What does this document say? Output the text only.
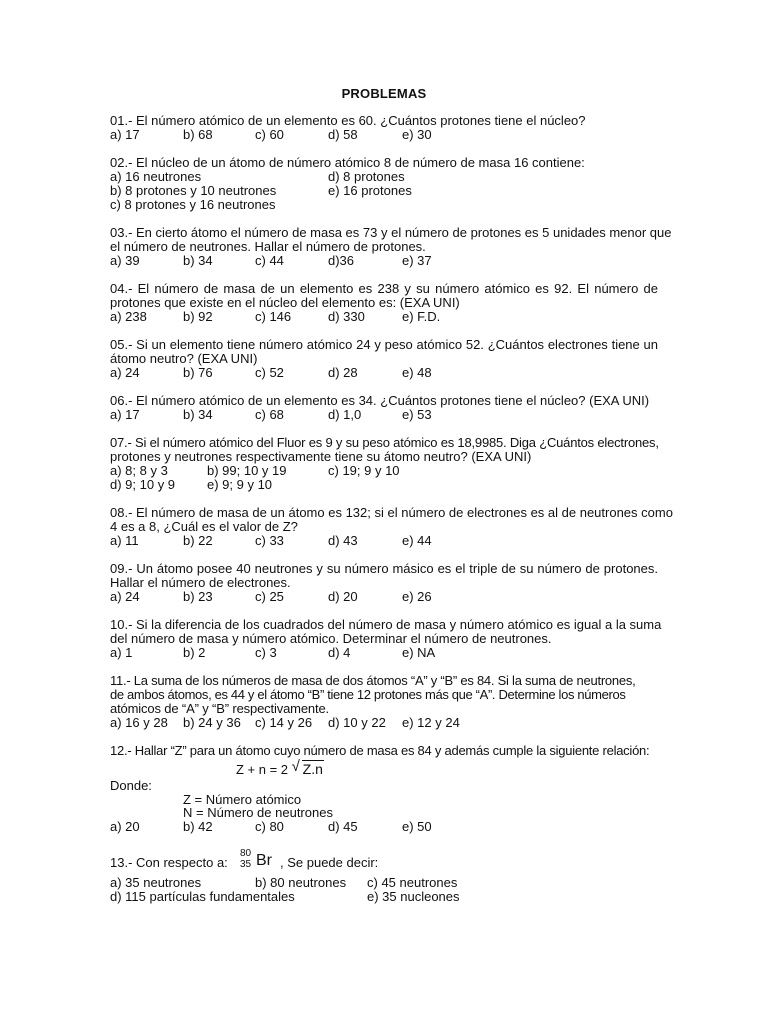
PROBLEMAS
01.- El número atómico de un elemento es 60. ¿Cuántos protones tiene el núcleo?
a) 17	b) 68	c) 60	d) 58	e) 30
02.- El núcleo de un átomo de número atómico 8 de número de masa 16 contiene:
a) 16 neutrones	d) 8 protones
b) 8 protones y 10 neutrones	e) 16 protones
c) 8 protones y 16 neutrones
03.- En cierto átomo el número de masa es 73 y el número de protones es 5 unidades menor que
el número de neutrones. Hallar el número de protones.
a) 39	b) 34	c) 44	d)36	e) 37
04.- El número de masa de un elemento es 238 y su número atómico es 92. El número de
protones que existe en el núcleo del elemento es: (EXA UNI)
a) 238	b) 92	c) 146	d) 330	e) F.D.
05.- Si un elemento tiene número atómico 24 y peso atómico 52. ¿Cuántos electrones tiene un
átomo neutro? (EXA UNI)
a) 24	b) 76	c) 52	d) 28	e) 48
06.- El número atómico de un elemento es 34. ¿Cuántos protones tiene el núcleo? (EXA UNI)
a) 17	b) 34	c) 68	d) 1,0	e) 53
07.- Si el número atómico del Fluor es 9 y su peso atómico es 18,9985. Diga ¿Cuántos electrones,
protones y neutrones respectivamente tiene su átomo neutro? (EXA UNI)
a) 8; 8 y 3	b) 99; 10 y 19	c) 19; 9 y 10
d) 9; 10 y 9 e) 9; 9 y 10
08.- El número de masa de un átomo es 132; si el número de electrones es al de neutrones como
4 es a 8, ¿Cuál es el valor de Z?
a) 11	b) 22	c) 33	d) 43	e) 44
09.- Un átomo posee 40 neutrones y su número másico es el triple de su número de protones.
Hallar el número de electrones.
a) 24	b) 23	c) 25	d) 20	e) 26
10.- Si la diferencia de los cuadrados del número de masa y número atómico es igual a la suma
del número de masa y número atómico. Determinar el número de neutrones.
a) 1	b) 2	c) 3	d) 4	e) NA
11.- La suma de los números de masa de dos átomos “A” y “B” es 84. Si la suma de neutrones,
de ambos átomos, es 44 y el átomo “B” tiene 12 protones más que “A”. Determine los números
atómicos de “A” y “B” respectivamente.
a) 16 y 28 b) 24 y 36 c) 14 y 26 d) 10 y 22 e) 12 y 24
12.- Hallar “Z” para un átomo cuyo número de masa es 84 y además cumple la siguiente relación:
Z + n = 2 √ Z.n
Donde:
Z = Número atómico
N = Número de neutrones
a) 20	b) 42	c) 80	d) 45	e) 50
13.- Con respecto a:
80
35 Br , Se puede decir:
a) 35 neutrones	b) 80 neutrones c) 45 neutrones
d) 115 partículas fundamentales	e) 35 nucleones
